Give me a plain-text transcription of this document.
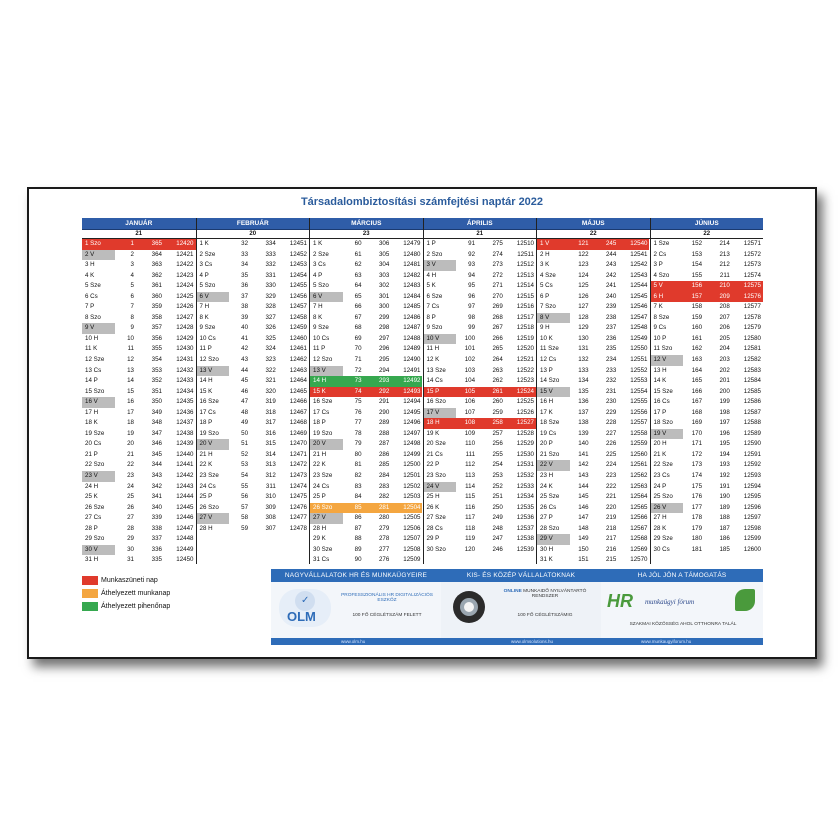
Társadalombiztosítási számfejtési naptár 2022
JANUÁR
21
1 Szo	1	365	12420
2 V	2	364	12421
3 H	3	363	12422
4 K	4	362	12423
5 Sze	5	361	12424
6 Cs	6	360	12425
7 P	7	359	12426
8 Szo	8	358	12427
9 V	9	357	12428
10 H	10	356	12429
11 K	11	355	12430
12 Sze	12	354	12431
13 Cs	13	353	12432
14 P	14	352	12433
15 Szo	15	351	12434
16 V	16	350	12435
17 H	17	349	12436
18 K	18	348	12437
19 Sze	19	347	12438
20 Cs	20	346	12439
21 P	21	345	12440
22 Szo	22	344	12441
23 V	23	343	12442
24 H	24	342	12443
25 K	25	341	12444
26 Sze	26	340	12445
27 Cs	27	339	12446
28 P	28	338	12447
29 Szo	29	337	12448
30 V	30	336	12449
31 H	31	335	12450
FEBRUÁR
20
1 K	32	334	12451
2 Sze	33	333	12452
3 Cs	34	332	12453
4 P	35	331	12454
5 Szo	36	330	12455
6 V	37	329	12456
7 H	38	328	12457
8 K	39	327	12458
9 Sze	40	326	12459
10 Cs	41	325	12460
11 P	42	324	12461
12 Szo	43	323	12462
13 V	44	322	12463
14 H	45	321	12464
15 K	46	320	12465
16 Sze	47	319	12466
17 Cs	48	318	12467
18 P	49	317	12468
19 Szo	50	316	12469
20 V	51	315	12470
21 H	52	314	12471
22 K	53	313	12472
23 Sze	54	312	12473
24 Cs	55	311	12474
25 P	56	310	12475
26 Szo	57	309	12476
27 V	58	308	12477
28 H	59	307	12478
MÁRCIUS
23
1 K	60	306	12479
2 Sze	61	305	12480
3 Cs	62	304	12481
4 P	63	303	12482
5 Szo	64	302	12483
6 V	65	301	12484
7 H	66	300	12485
8 K	67	299	12486
9 Sze	68	298	12487
10 Cs	69	297	12488
11 P	70	296	12489
12 Szo	71	295	12490
13 V	72	294	12491
14 H	73	293	12492
15 K	74	292	12493
16 Sze	75	291	12494
17 Cs	76	290	12495
18 P	77	289	12496
19 Szo	78	288	12497
20 V	79	287	12498
21 H	80	286	12499
22 K	81	285	12500
23 Sze	82	284	12501
24 Cs	83	283	12502
25 P	84	282	12503
26 Szo	85	281	12504
27 V	86	280	12505
28 H	87	279	12506
29 K	88	278	12507
30 Sze	89	277	12508
31 Cs	90	276	12509
ÁPRILIS
21
1 P	91	275	12510
2 Szo	92	274	12511
3 V	93	273	12512
4 H	94	272	12513
5 K	95	271	12514
6 Sze	96	270	12515
7 Cs	97	269	12516
8 P	98	268	12517
9 Szo	99	267	12518
10 V	100	266	12519
11 H	101	265	12520
12 K	102	264	12521
13 Sze	103	263	12522
14 Cs	104	262	12523
15 P	105	261	12524
16 Szo	106	260	12525
17 V	107	259	12526
18 H	108	258	12527
19 K	109	257	12528
20 Sze	110	256	12529
21 Cs	111	255	12530
22 P	112	254	12531
23 Szo	113	253	12532
24 V	114	252	12533
25 H	115	251	12534
26 K	116	250	12535
27 Sze	117	249	12536
28 Cs	118	248	12537
29 P	119	247	12538
30 Szo	120	246	12539
MÁJUS
22
1 V	121	245	12540
2 H	122	244	12541
3 K	123	243	12542
4 Sze	124	242	12543
5 Cs	125	241	12544
6 P	126	240	12545
7 Szo	127	239	12546
8 V	128	238	12547
9 H	129	237	12548
10 K	130	236	12549
11 Sze	131	235	12550
12 Cs	132	234	12551
13 P	133	233	12552
14 Szo	134	232	12553
15 V	135	231	12554
16 H	136	230	12555
17 K	137	229	12556
18 Sze	138	228	12557
19 Cs	139	227	12558
20 P	140	226	12559
21 Szo	141	225	12560
22 V	142	224	12561
23 H	143	223	12562
24 K	144	222	12563
25 Sze	145	221	12564
26 Cs	146	220	12565
27 P	147	219	12566
28 Szo	148	218	12567
29 V	149	217	12568
30 H	150	216	12569
31 K	151	215	12570
JÚNIUS
22
1 Sze	152	214	12571
2 Cs	153	213	12572
3 P	154	212	12573
4 Szo	155	211	12574
5 V	156	210	12575
6 H	157	209	12576
7 K	158	208	12577
8 Sze	159	207	12578
9 Cs	160	206	12579
10 P	161	205	12580
11 Szo	162	204	12581
12 V	163	203	12582
13 H	164	202	12583
14 K	165	201	12584
15 Sze	166	200	12585
16 Cs	167	199	12586
17 P	168	198	12587
18 Szo	169	197	12588
19 V	170	196	12589
20 H	171	195	12590
21 K	172	194	12591
22 Sze	173	193	12592
23 Cs	174	192	12593
24 P	175	191	12594
25 Szo	176	190	12595
26 V	177	189	12596
27 H	178	188	12597
28 K	179	187	12598
29 Sze	180	186	12599
30 Cs	181	185	12600
Munkaszüneti nap
Áthelyezett munkanap
Áthelyezett pihenőnap
NAGYVÁLLALATOK HR ÉS MUNKAÜGYEIRE
✓
OLM
PROFESSZIONÁLIS HR DIGITALIZÁCIÓS ESZKÖZ
100 FŐ CÉGLÉTSZÁM FELETT
www.olm.hu
KIS- ÉS KÖZÉP VÁLLALATOKNAK
ONLINE MUNKAIDŐ NYILVÁNTARTÓ RENDSZER
100 FŐ CÉGLÉTSZÁMIG
www.olmsolutions.hu
HA JÓL JÖN A TÁMOGATÁS
HR munkaügyi fórum
SZAKMAI KÖZÖSSÉG AHOL OTTHONRA TALÁL
www.munkaugyiforum.hu
